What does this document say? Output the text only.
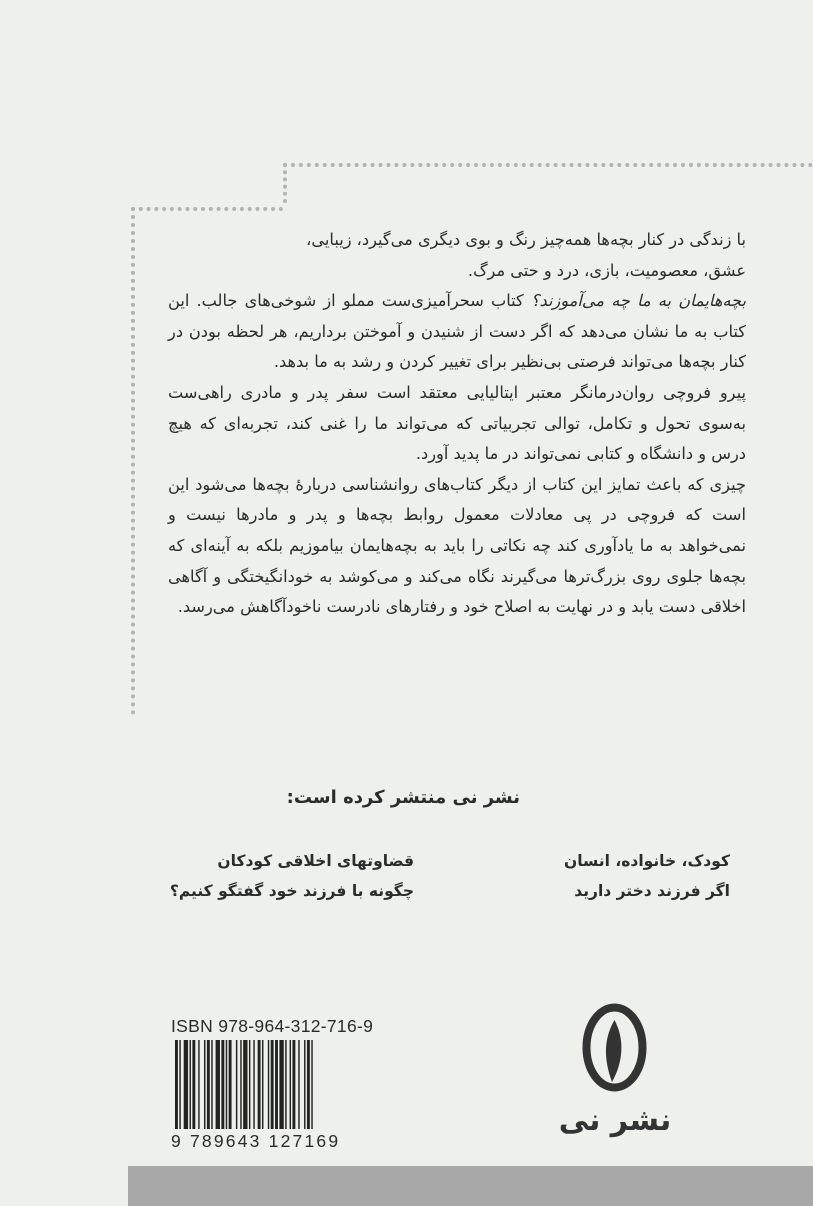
با زندگی در کنار بچه‌ها همه‌چیز رنگ و بوی دیگری می‌گیرد، زیبایی،
عشق، معصومیت، بازی، درد و حتی مرگ.

بچه‌هایمان به ما چه می‌آموزند؟ کتاب سحرآمیزی‌ست مملو از شوخی‌های جالب. این کتاب به ما نشان می‌دهد که اگر دست از شنیدن و آموختن برداریم، هر لحظه بودن در کنار بچه‌ها می‌تواند فرصتی بی‌نظیر برای تغییر کردن و رشد به ما بدهد.

پیرو فروچی روان‌درمانگر معتبر ایتالیایی معتقد است سفر پدر و مادری راهی‌ست به‌سوی تحول و تکامل، توالی تجربیاتی که می‌تواند ما را غنی کند، تجربه‌ای که هیچ درس و دانشگاه و کتابی نمی‌تواند در ما پدید آورد.

چیزی که باعث تمایز این کتاب از دیگر کتاب‌های روانشناسی دربارهٔ بچه‌ها می‌شود این است که فروچی در پی معادلات معمول روابط بچه‌ها و پدر و مادرها نیست و نمی‌خواهد به ما یادآوری کند چه نکاتی را باید به بچه‌هایمان بیاموزیم بلکه به آینه‌ای که بچه‌ها جلوی روی بزرگ‌ترها می‌گیرند نگاه می‌کند و می‌کوشد به خودانگیختگی و آگاهی اخلاقی دست یابد و در نهایت به اصلاح خود و رفتارهای نادرست ناخودآگاهش می‌رسد.

نشر نی منتشر کرده است:
کودک، خانواده، انسان
اگر فرزند دختر دارید
قضاوتهای اخلاقی کودکان
چگونه با فرزند خود گفتگو کنیم؟
ISBN 978-964-312-716-9
9 789643 127169
نشر نی
